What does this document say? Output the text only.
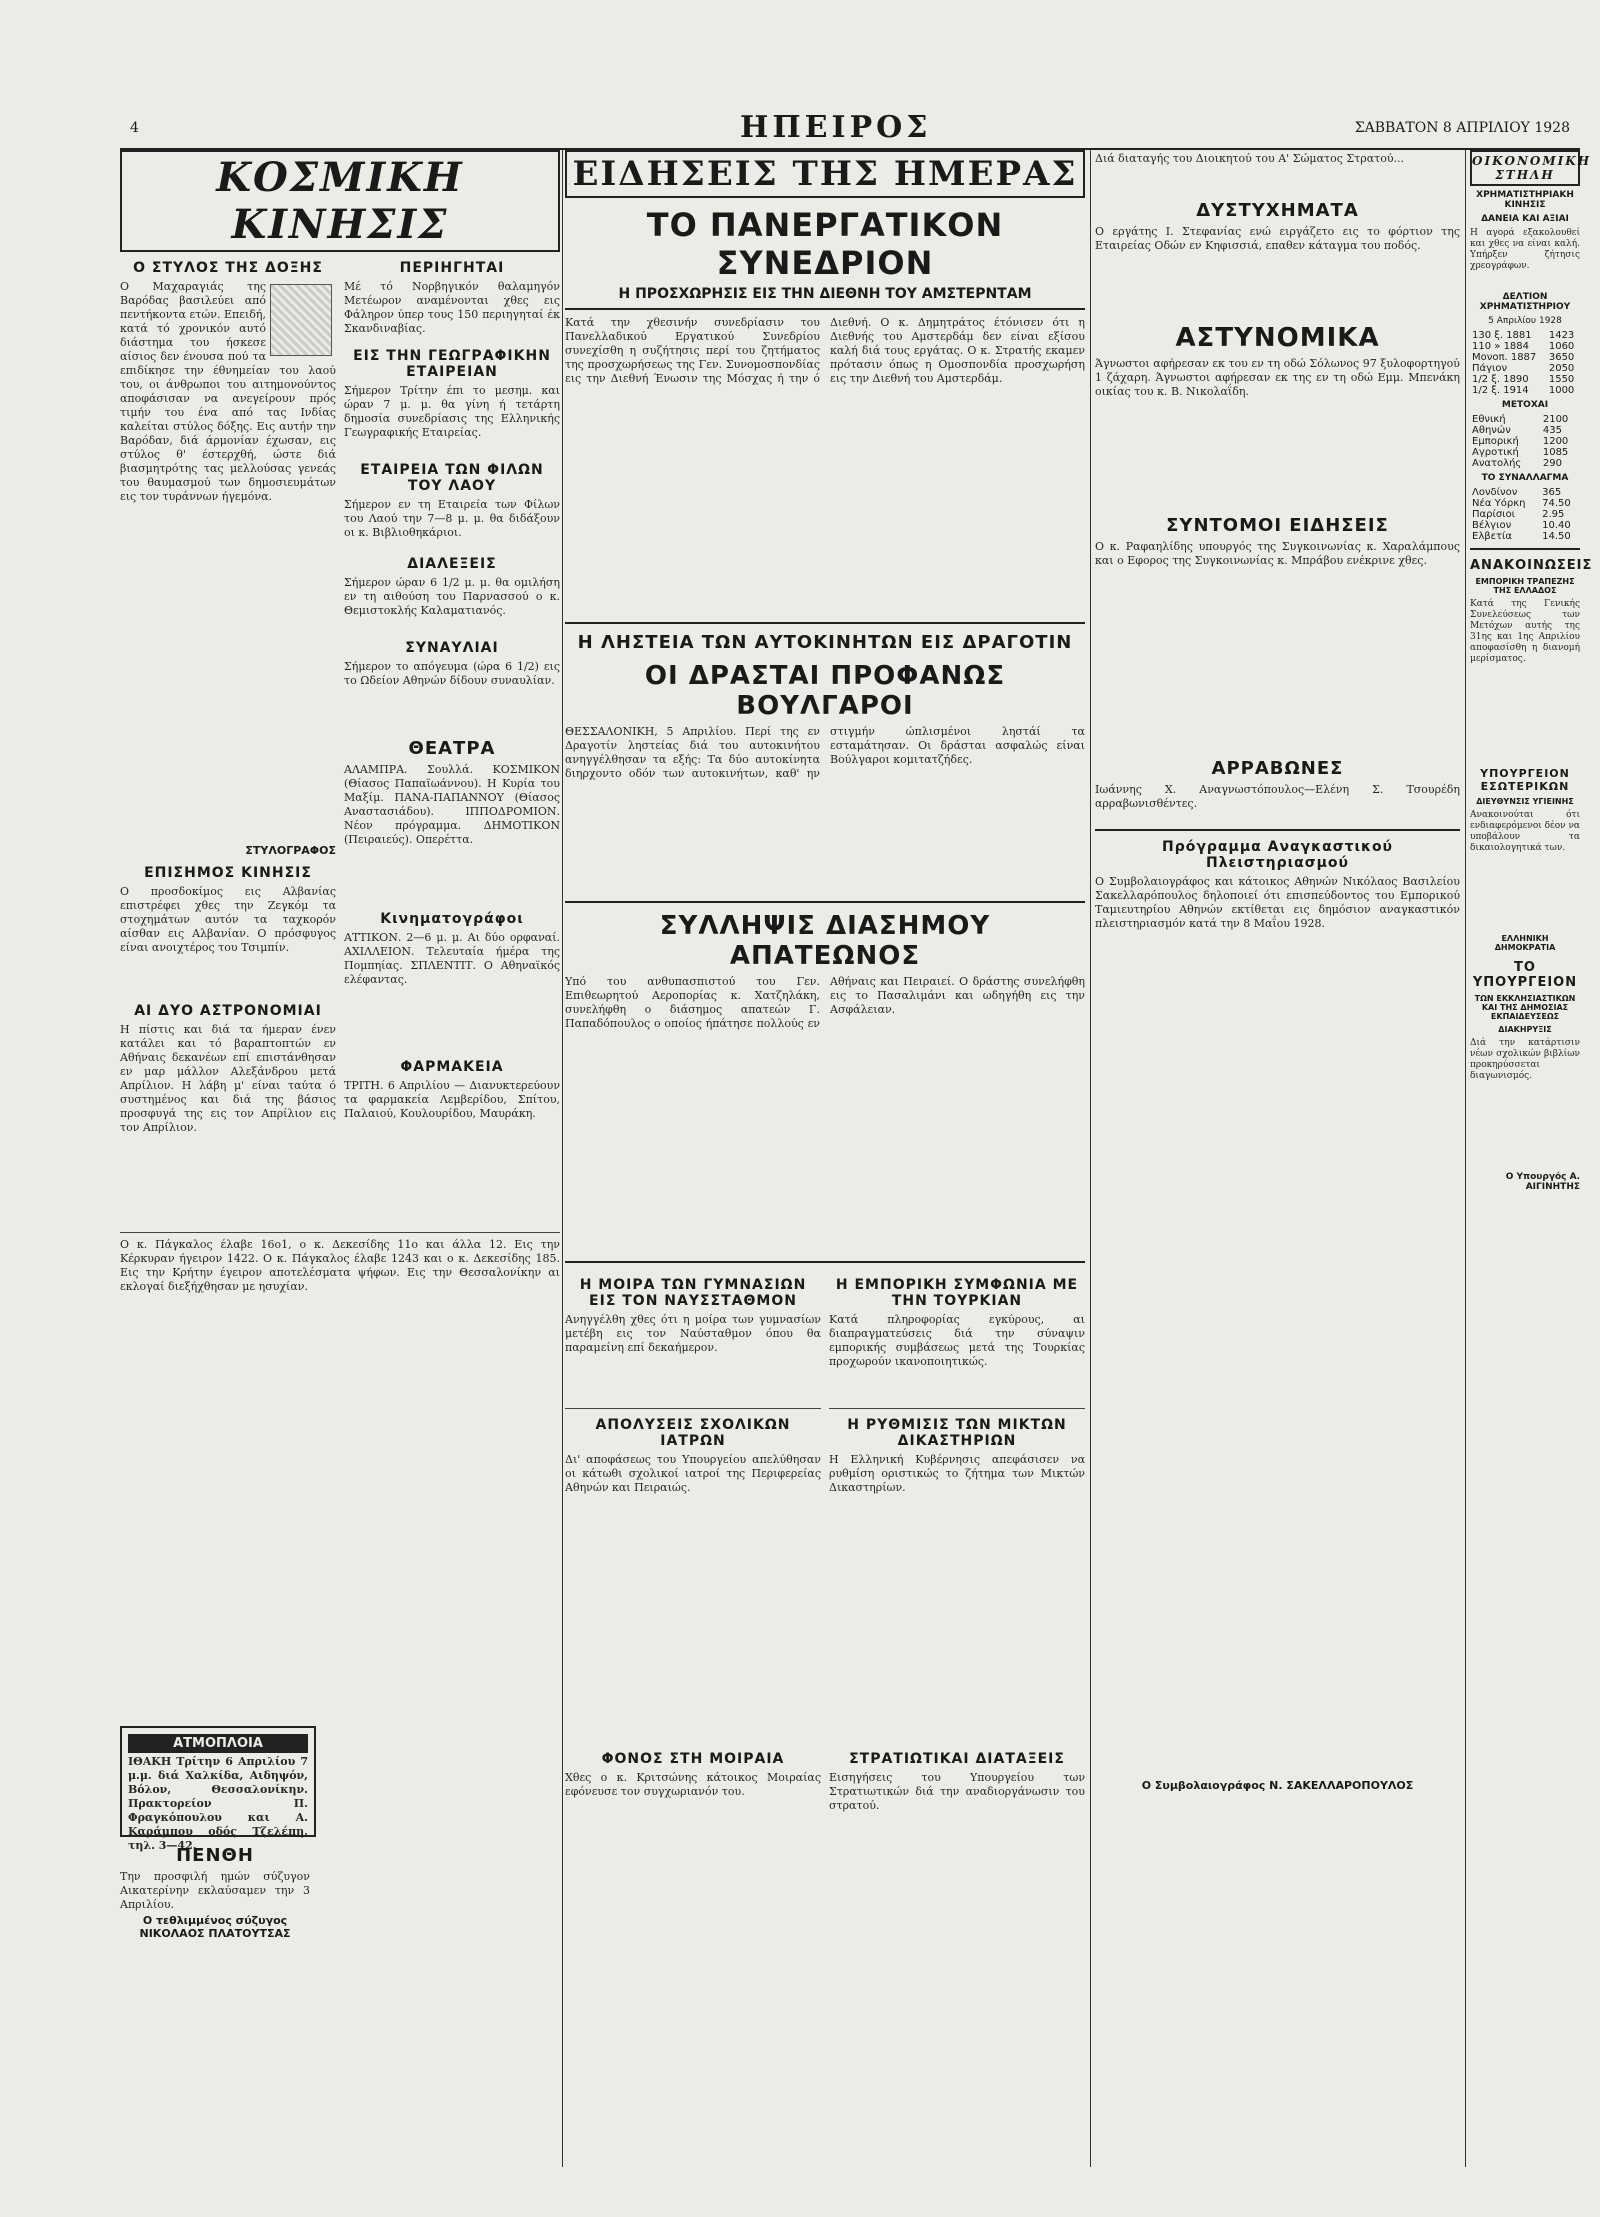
4	ΗΠΕΙΡΟΣ	ΣΑΒΒΑΤΟΝ 8 ΑΠΡΙΛΙΟΥ 1928
ΚΟΣΜΙΚΗ ΚΙΝΗΣΙΣ
Ο ΣΤΥΛΟΣ ΤΗΣ ΔΟΞΗΣ

Ο Μαχαραγιάς της Βαρόδας βασιλεύει από πεντήκοντα ετών. Επειδή, κατά τό χρονικόν αυτό διάστημα του ήσκεσε αίσιος δεν ένουσα πού τα επιδίκησε την έθνημείαν του λαού του, οι άνθρωποι του αιτημονούντος αποφάσισαν να ανεγείρουν πρός τιμήν του ένα από τας Ινδίας καλείται στύλος δόξης. Εις αυτήν την Βαρόδαν, διά άρμονίαν έχωσαν, εις στύλος θ' έστερχθή, ώστε διά βιασμητρότης τας μελλούσας γενεάς του θαυμασμού των δημοσιευμάτων εις τον τυράννων ήγεμόνα.

ΣΤΥΛΟΓΡΑΦΟΣ
ΕΠΙΣΗΜΟΣ ΚΙΝΗΣΙΣ

Ο προσδοκίμος εις Αλβανίας επιστρέφει χθες την Ζεγκόμ τα στοχημάτων αυτόν τα ταχκορόν αίσθαν εις Αλβανίαν. Ο πρόσφυγος είναι ανοιχτέρος του Τσιμπίν.

ΑΙ ΔΥΟ ΑΣΤΡΟΝΟΜΙΑΙ

Η πίστις και διά τα ήμεραν ένεν κατάλει και τό βαραπτοπτών εν Αθήναις δεκανέων επί επιστάνθησαν εν μαρ μάλλον Αλεξάνδρου μετά Απρίλιον. Η λάβη μ' είναι ταύτα ό συστημένος και διά της βάσιος προσφυγά της εις τον Απρίλιον εις τον Απρίλιον.

ΠΕΡΙΗΓΗΤΑΙ

Μέ τό Νορβηγικόν θαλαμηγόν Μετέωρον αναμένονται χθες εις Φάληρον ύπερ τους 150 περιηγηταί έκ Σκανδιναβίας.

ΕΙΣ ΤΗΝ ΓΕΩΓΡΑΦΙΚΗΝ ΕΤΑΙΡΕΙΑΝ

Σήμερον Τρίτην έπι το μεσημ. και ώραν 7 μ. μ. θα γίνη ή τετάρτη δημοσία συνεδρίασις της Ελληνικής Γεωγραφικής Εταιρείας.

ΕΤΑΙΡΕΙΑ ΤΩΝ ΦΙΛΩΝ ΤΟΥ ΛΑΟΥ

Σήμερον εν τη Εταιρεία των Φίλων του Λαού την 7—8 μ. μ. θα διδάξουν οι κ. Βιβλιοθηκάριοι.

ΔΙΑΛΕΞΕΙΣ

Σήμερον ώραν 6 1/2 μ. μ. θα ομιλήση εν τη αιθούση του Παρνασσού ο κ. Θεμιστοκλής Καλαματιανός.

ΣΥΝΑΥΛΙΑΙ

Σήμερον το απόγευμα (ώρα 6 1/2) εις το Ωδείον Αθηνών δίδουν συναυλίαν.

ΘΕΑΤΡΑ

ΑΛΑΜΠΡΑ. Σουλλά. ΚΟΣΜΙΚΟΝ (Θίασος Παπαϊωάννου). Η Κυρία του Μαξίμ. ΠΑΝΑ-ΠΑΠΑΝΝΟΥ (Θίασος Αναστασιάδου). ΙΠΠΟΔΡΟΜΙΟΝ. Νέον πρόγραμμα. ΔΗΜΟΤΙΚΟΝ (Πειραιεύς). Οπερέττα.

Κινηματογράφοι

ΑΤΤΙΚΟΝ. 2—6 μ. μ. Αι δύο ορφαναί. ΑΧΙΛΛΕΙΟΝ. Τελευταία ήμέρα της Πομπηίας. ΣΠΛΕΝΤΙΤ. Ο Αθηναϊκός ελέφαντας.

ΦΑΡΜΑΚΕΙΑ

ΤΡΙΤΗ. 6 Απριλίου — Διανυκτερεύουν τα φαρμακεία Λεμβερίδου, Σπίτου, Παλαιού, Κουλουρίδου, Μαυράκη.

Ο κ. Πάγκαλος έλαβε 16ο1, ο κ. Δεκεσίδης 11ο και άλλα 12. Εις την Κέρκυραν ήγειρον 1422. Ο κ. Πάγκαλος έλαβε 1243 και ο κ. Δεκεσίδης 185. Εις την Κρήτην έγειρον αποτελέσματα ψήφων. Εις την Θεσσαλονίκην αι εκλογαί διεξήχθησαν με ησυχίαν.

ΑΤΜΟΠΛΟΙΑ

ΙΘΑΚΗ Τρίτην 6 Απριλίου 7 μ.μ. διά Χαλκίδα, Αιδηψόν, Βόλον, Θεσσαλονίκην. Πρακτορείον Π. Φραγκόπουλου και Α. Καράμπου οδός Τζελέπη, τηλ. 3—42.

ΠΕΝΘΗ

Την προσφιλή ημών σύζυγον Αικατερίνην εκλαύσαμεν την 3 Απριλίου.

Ο τεθλιμμένος σύζυγος ΝΙΚΟΛΑΟΣ ΠΛΑΤΟΥΤΣΑΣ
ΕΙΔΗΣΕΙΣ ΤΗΣ ΗΜΕΡΑΣ
ΤΟ ΠΑΝΕΡΓΑΤΙΚΟΝ ΣΥΝΕΔΡΙΟΝ
Η ΠΡΟΣΧΩΡΗΣΙΣ ΕΙΣ ΤΗΝ ΔΙΕΘΝΗ ΤΟΥ ΑΜΣΤΕΡΝΤΑΜ

Κατά την χθεσινήν συνεδρίασιν του Πανελλαδικού Εργατικού Συνεδρίου συνεχίσθη η συζήτησις περί του ζητήματος της προσχωρήσεως της Γεν. Συνομοσπονδίας εις την Διεθνή Ένωσιν της Μόσχας ή την ό Διεθνή. Ο κ. Δημητράτος έτόνισεν ότι η Διεθνής του Αμστερδάμ δεν είναι εξίσου καλή διά τους εργάτας. Ο κ. Στρατής εκαμεν πρότασιν όπως η Ομοσπονδία προσχωρήση εις την Διεθνή του Αμστερδάμ.

Η ΛΗΣΤΕΙΑ ΤΩΝ ΑΥΤΟΚΙΝΗΤΩΝ ΕΙΣ ΔΡΑΓΟΤΙΝ
ΟΙ ΔΡΑΣΤΑΙ ΠΡΟΦΑΝΩΣ ΒΟΥΛΓΑΡΟΙ

ΘΕΣΣΑΛΟΝΙΚΗ, 5 Απριλίου. Περί της εν Δραγοτίν ληστείας διά του αυτοκινήτου ανηγγέλθησαν τα εξής: Τα δύο αυτοκίνητα διηρχοντο οδόν των αυτοκινήτων, καθ' ην στιγμήν ώπλισμένοι ληστάί τα εσταμάτησαν. Οι δράσται ασφαλώς είναι Βούλγαροι κομιτατζήδες.

ΣΥΛΛΗΨΙΣ ΔΙΑΣΗΜΟΥ ΑΠΑΤΕΩΝΟΣ

Υπό του ανθυπασπιστού του Γεν. Επιθεωρητού Αεροπορίας κ. Χατζηλάκη, συνελήφθη ο διάσημος απατεών Γ. Παπαδόπουλος ο οποίος ήπάτησε πολλούς εν Αθήναις και Πειραιεί. Ο δράστης συνελήφθη εις το Πασαλιμάνι και ωδηγήθη εις την Ασφάλειαν.

Η ΜΟΙΡΑ ΤΩΝ ΓΥΜΝΑΣΙΩΝ ΕΙΣ ΤΟΝ ΝΑΥΣΣΤΑΘΜΟΝ

Ανηγγέλθη χθες ότι η μοίρα των γυμνασίων μετέβη εις τον Ναύσταθμον όπου θα παραμείνη επί δεκαήμερον.

ΑΠΟΛΥΣΕΙΣ ΣΧΟΛΙΚΩΝ ΙΑΤΡΩΝ

Δι' αποφάσεως του Υπουργείου απελύθησαν οι κάτωθι σχολικοί ιατροί της Περιφερείας Αθηνών και Πειραιώς.

ΦΟΝΟΣ ΣΤΗ ΜΟΙΡΑΙΑ

Χθες ο κ. Κριτσώνης κάτοικος Μοιραίας εφόνευσε τον συγχωριανόν του.

Η ΕΜΠΟΡΙΚΗ ΣΥΜΦΩΝΙΑ ΜΕ ΤΗΝ ΤΟΥΡΚΙΑΝ

Κατά πληροφορίας εγκύρους, αι διαπραγματεύσεις διά την σύναψιν εμπορικής συμβάσεως μετά της Τουρκίας προχωρούν ικανοποιητικώς.

Η ΡΥΘΜΙΣΙΣ ΤΩΝ ΜΙΚΤΩΝ ΔΙΚΑΣΤΗΡΙΩΝ

Η Ελληνική Κυβέρνησις απεφάσισεν να ρυθμίση οριστικώς το ζήτημα των Μικτών Δικαστηρίων.

ΣΤΡΑΤΙΩΤΙΚΑΙ ΔΙΑΤΑΞΕΙΣ

Εισηγήσεις του Υπουργείου των Στρατιωτικών διά την αναδιοργάνωσιν του στρατού.

Διά διαταγής του Διοικητού του Α' Σώματος Στρατού...

ΔΥΣΤΥΧΗΜΑΤΑ

Ο εργάτης Ι. Στεφανίας ενώ ειργάζετο εις το φόρτιον της Εταιρείας Οδών εν Κηφισσιά, επαθεν κάταγμα του ποδός.

ΑΣΤΥΝΟΜΙΚΑ

Άγνωστοι αφήρεσαν εκ του εν τη οδώ Σόλωνος 97 ξυλοφορτηγού 1 ζάχαρη. Άγνωστοι αφήρεσαν εκ της εν τη οδώ Εμμ. Μπενάκη οικίας του κ. Β. Νικολαΐδη.

ΣΥΝΤΟΜΟΙ ΕΙΔΗΣΕΙΣ

Ο κ. Ραφαηλίδης υπουργός της Συγκοινωνίας κ. Χαραλάμπους και ο Εφορος της Συγκοινωνίας κ. Μπράβου ενέκρινε χθες.

ΑΡΡΑΒΩΝΕΣ

Ιωάννης Χ. Αναγνωστόπουλος—Ελένη Σ. Τσουρέδη αρραβωνισθέντες.

Πρόγραμμα Αναγκαστικού Πλειστηριασμού

Ο Συμβολαιογράφος και κάτοικος Αθηνών Νικόλαος Βασιλείου Σακελλαρόπουλος δηλοποιεί ότι επισπεύδοντος του Εμπορικού Ταμιευτηρίου Αθηνών εκτίθεται εις δημόσιον αναγκαστικόν πλειστηριασμόν κατά την 8 Μαΐου 1928.

Ο Συμβολαιογράφος Ν. ΣΑΚΕΛΛΑΡΟΠΟΥΛΟΣ
ΟΙΚΟΝΟΜΙΚΗ ΣΤΗΛΗ
ΧΡΗΜΑΤΙΣΤΗΡΙΑΚΗ ΚΙΝΗΣΙΣ
ΔΑΝΕΙΑ ΚΑΙ ΑΞΙΑΙ

Η αγορά εξακολουθεί και χθες να είναι καλή. Υπήρξεν ζήτησις χρεογράφων.

ΔΕΛΤΙΟΝ ΧΡΗΜΑΤΙΣΤΗΡΙΟΥ
5 Απριλίου 1928
130 ξ. 1881	1423
110 » 1884	1060
Μονοπ. 1887	3650
Πάγιον	2050
1/2 ξ. 1890	1550
1/2 ξ. 1914	1000
ΜΕΤΟΧΑΙ
Εθνική	2100
Αθηνών	435
Εμπορική	1200
Αγροτική	1085
Ανατολής	290
ΤΟ ΣΥΝΑΛΛΑΓΜΑ
Λονδίνον	365
Νέα Υόρκη	74.50
Παρίσιοι	2.95
Βέλγιον	10.40
Ελβετία	14.50
ΑΝΑΚΟΙΝΩΣΕΙΣ
ΕΜΠΟΡΙΚΗ ΤΡΑΠΕΖΗΣ ΤΗΣ ΕΛΛΑΔΟΣ

Κατά της Γενικής Συνελεύσεως των Μετόχων αυτής της 31ης και 1ης Απριλίου αποφασίσθη η διανομή μερίσματος.

ΥΠΟΥΡΓΕΙΟΝ ΕΣΩΤΕΡΙΚΩΝ
ΔΙΕΥΘΥΝΣΙΣ ΥΓΙΕΙΝΗΣ

Ανακοινούται ότι ενδιαφερόμενοι δέον να υποβάλουν τα δικαιολογητικά των.

ΕΛΛΗΝΙΚΗ ΔΗΜΟΚΡΑΤΙΑ
ΤΟ ΥΠΟΥΡΓΕΙΟΝ
ΤΩΝ ΕΚΚΛΗΣΙΑΣΤΙΚΩΝ ΚΑΙ ΤΗΣ ΔΗΜΟΣΙΑΣ ΕΚΠΑΙΔΕΥΣΕΩΣ
ΔΙΑΚΗΡΥΞΙΣ

Διά την κατάρτισιν νέων σχολικών βιβλίων προκηρύσσεται διαγωνισμός.

Ο Υπουργός Α. ΑΙΓΙΝΗΤΗΣ
